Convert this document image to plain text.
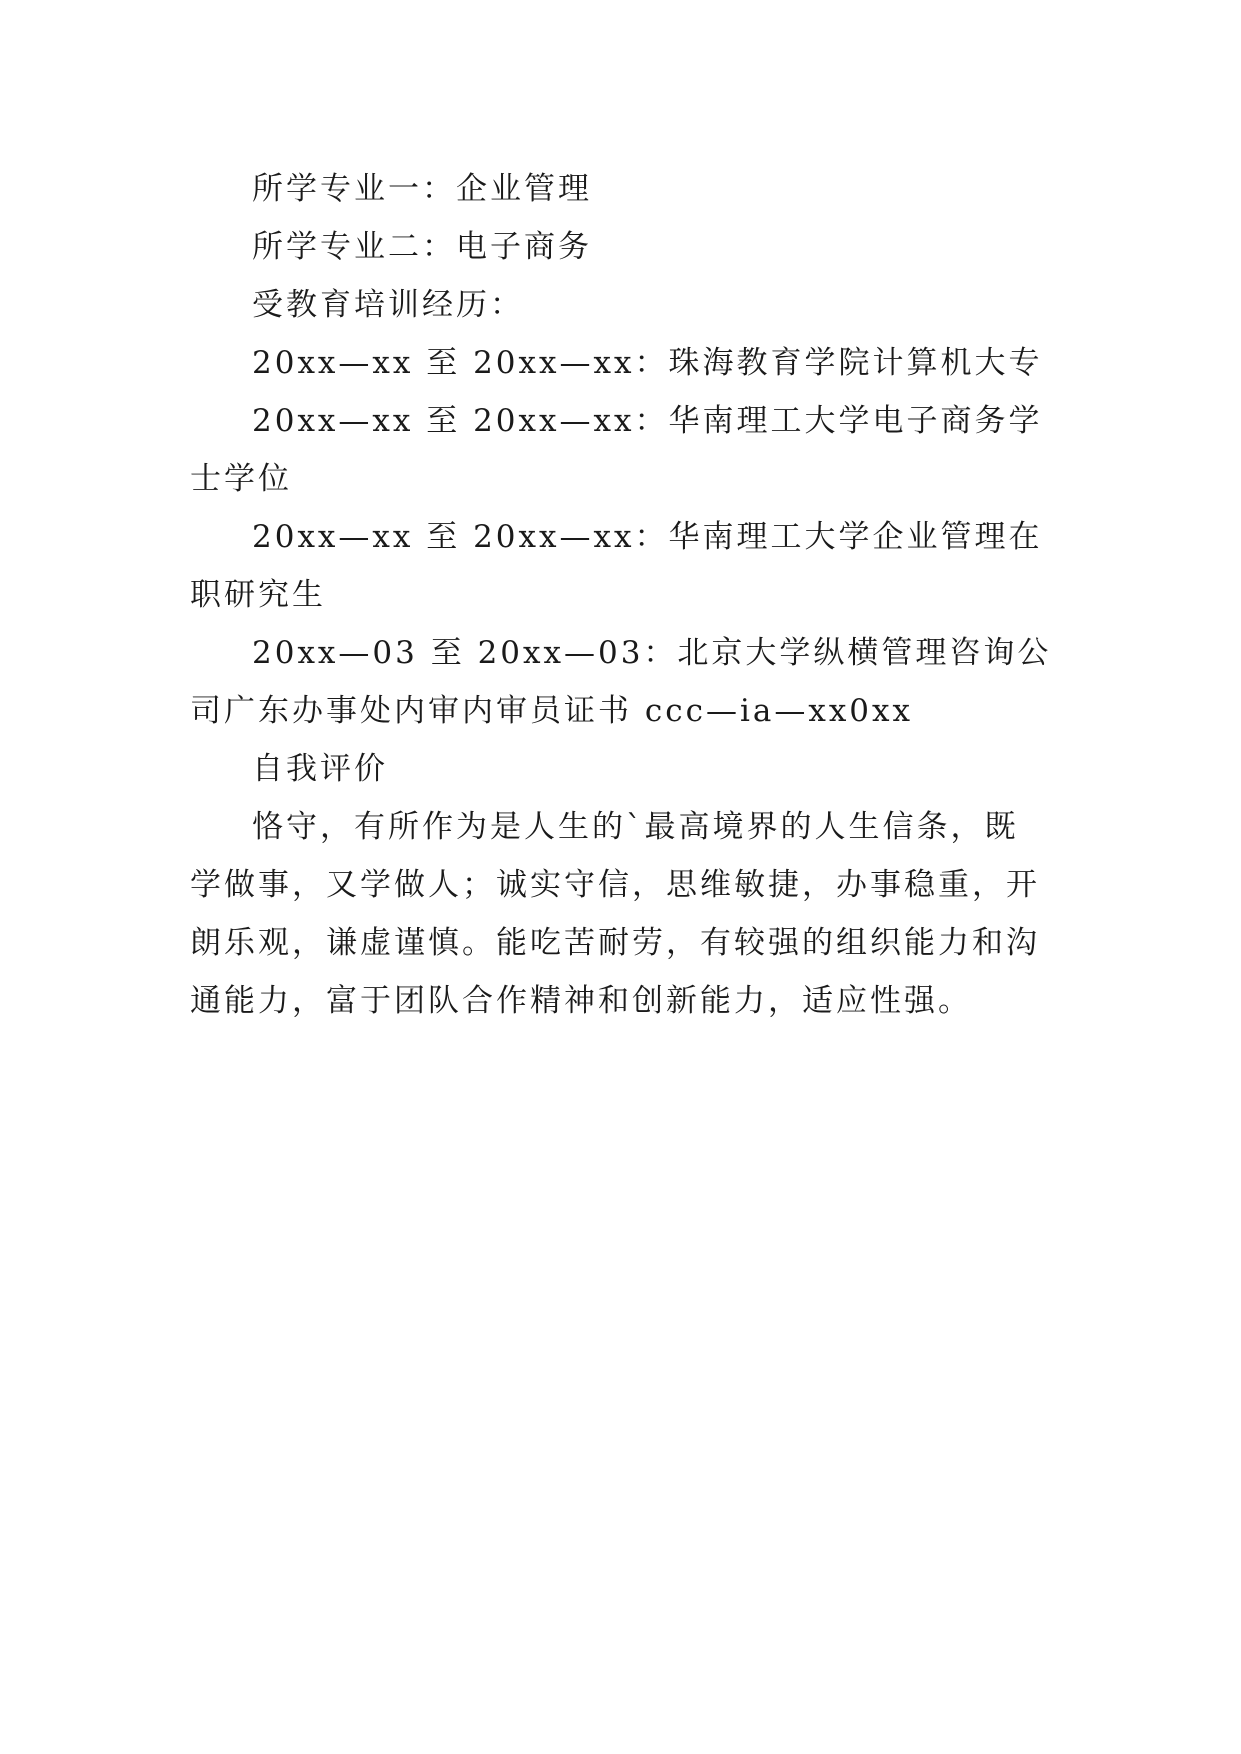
所学专业一：企业管理

所学专业二：电子商务

受教育培训经历：

20xx—xx 至 20xx—xx：珠海教育学院计算机大专

20xx—xx 至 20xx—xx：华南理工大学电子商务学士学位

20xx—xx 至 20xx—xx：华南理工大学企业管理在职研究生

20xx—03 至 20xx—03：北京大学纵横管理咨询公司广东办事处内审内审员证书 ccc—ia—xx0xx

自我评价

恪守，有所作为是人生的`最高境界的人生信条，既学做事，又学做人；诚实守信，思维敏捷，办事稳重，开朗乐观，谦虚谨慎。能吃苦耐劳，有较强的组织能力和沟通能力，富于团队合作精神和创新能力，适应性强。
